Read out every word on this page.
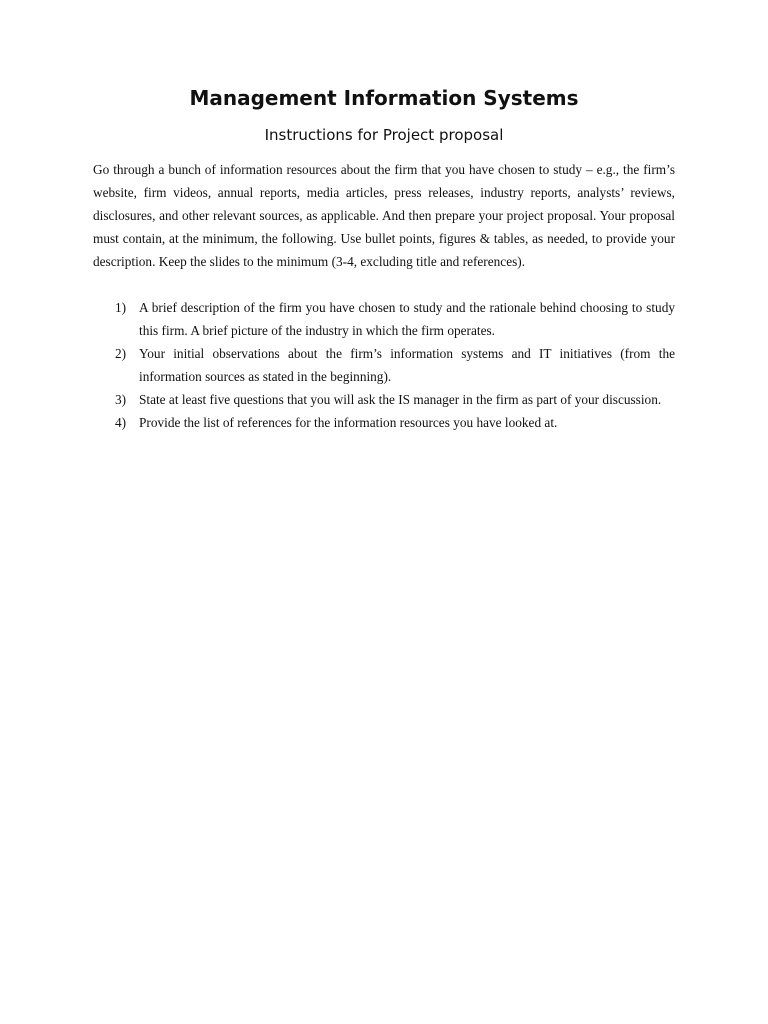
Management Information Systems
Instructions for Project proposal

Go through a bunch of information resources about the firm that you have chosen to study – e.g., the firm’s website, firm videos, annual reports, media articles, press releases, industry reports, analysts’ reviews, disclosures, and other relevant sources, as applicable. And then prepare your project proposal. Your proposal must contain, at the minimum, the following. Use bullet points, figures & tables, as needed, to provide your description. Keep the slides to the minimum (3-4, excluding title and references).

1) A brief description of the firm you have chosen to study and the rationale behind choosing to study this firm. A brief picture of the industry in which the firm operates.
2) Your initial observations about the firm’s information systems and IT initiatives (from the information sources as stated in the beginning).
3) State at least five questions that you will ask the IS manager in the firm as part of your discussion.
4) Provide the list of references for the information resources you have looked at.
